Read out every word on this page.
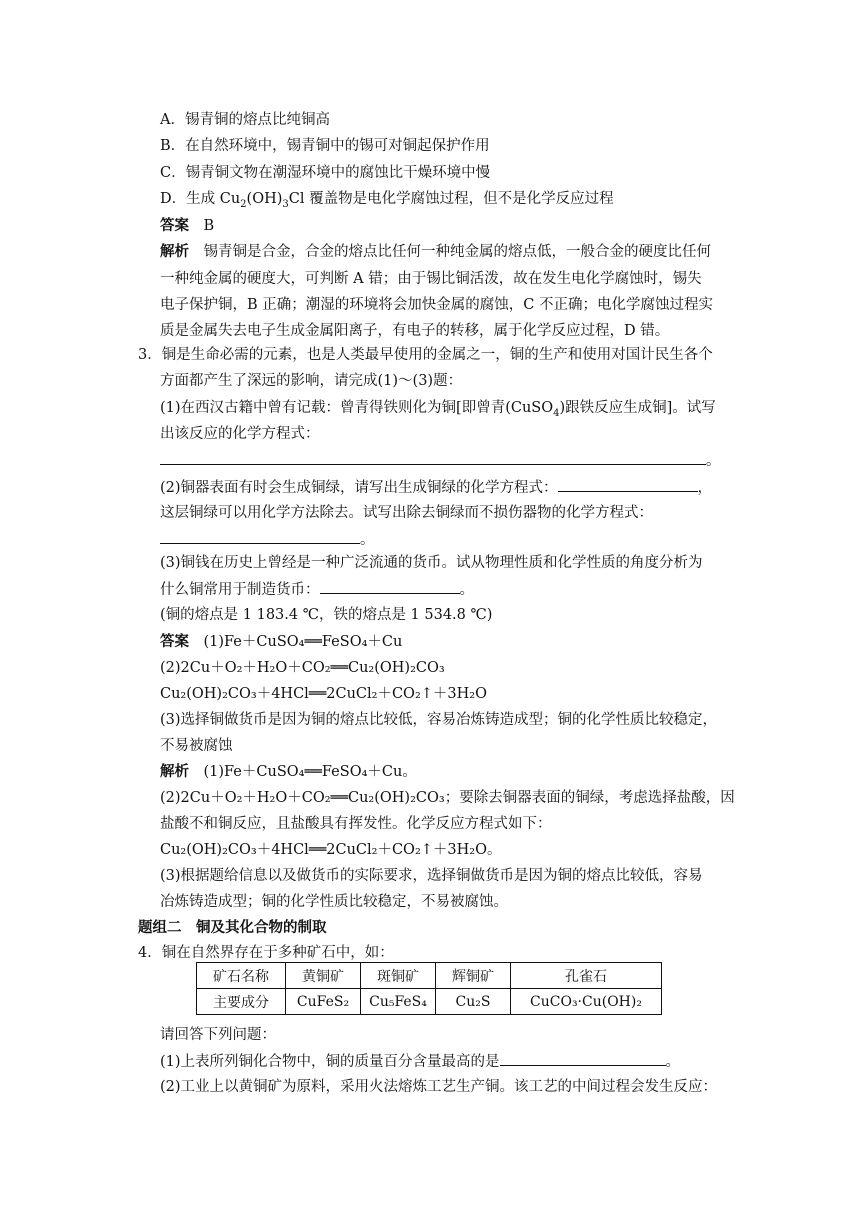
A．锡青铜的熔点比纯铜高
B．在自然环境中，锡青铜中的锡可对铜起保护作用
C．锡青铜文物在潮湿环境中的腐蚀比干燥环境中慢
D．生成 $Cu_2(OH)_3Cl$ 覆盖物是电化学腐蚀过程，但不是化学反应过程
答案　 B
解析　 锡青铜是合金，合金的熔点比任何一种纯金属的熔点低，一般合金的硬度比任何
一种纯金属的硬度大，可判断 A 错；由于锡比铜活泼，故在发生电化学腐蚀时，锡失
电子保护铜，B 正确；潮湿的环境将会加快金属的腐蚀，C 不正确；电化学腐蚀过程实
质是金属失去电子生成金属阳离子，有电子的转移，属于化学反应过程，D 错。
3．铜是生命必需的元素，也是人类最早使用的金属之一，铜的生产和使用对国计民生各个
方面都产生了深远的影响，请完成(1)～(3)题：
(1)在西汉古籍中曾有记载：曾青得铁则化为铜[即曾青(CuSO$_4$)跟铁反应生成铜]。试写
出该反应的化学方程式：
。
(2)铜器表面有时会生成铜绿，请写出生成铜绿的化学方程式：	，
这层铜绿可以用化学方法除去。试写出除去铜绿而不损伤器物的化学方程式：
。
(3)铜钱在历史上曾经是一种广泛流通的货币。试从物理性质和化学性质的角度分析为
什么铜常用于制造货币：	。
(铜的熔点是 1 183.4 ℃，铁的熔点是 1 534.8 ℃)
答案　 (1)Fe＋CuSO₄══FeSO₄＋Cu
(2)2Cu＋O₂＋H₂O＋CO₂══Cu₂(OH)₂CO₃
Cu₂(OH)₂CO₃＋4HCl══2CuCl₂＋CO₂↑＋3H₂O
(3)选择铜做货币是因为铜的熔点比较低，容易冶炼铸造成型；铜的化学性质比较稳定，
不易被腐蚀
解析　 (1)Fe＋CuSO₄══FeSO₄＋Cu。
(2)2Cu＋O₂＋H₂O＋CO₂══Cu₂(OH)₂CO₃；要除去铜器表面的铜绿，考虑选择盐酸，因
盐酸不和铜反应，且盐酸具有挥发性。化学反应方程式如下：
Cu₂(OH)₂CO₃＋4HCl══2CuCl₂＋CO₂↑＋3H₂O。
(3)根据题给信息以及做货币的实际要求，选择铜做货币是因为铜的熔点比较低，容易
冶炼铸造成型；铜的化学性质比较稳定，不易被腐蚀。
题组二　铜及其化合物的制取
4．铜在自然界存在于多种矿石中，如：
矿石名称	黄铜矿	斑铜矿	辉铜矿	孔雀石
主要成分	CuFeS₂	Cu₅FeS₄	Cu₂S	CuCO₃·Cu(OH)₂
请回答下列问题：
(1)上表所列铜化合物中，铜的质量百分含量最高的是	。
(2)工业上以黄铜矿为原料，采用火法熔炼工艺生产铜。该工艺的中间过程会发生反应：
